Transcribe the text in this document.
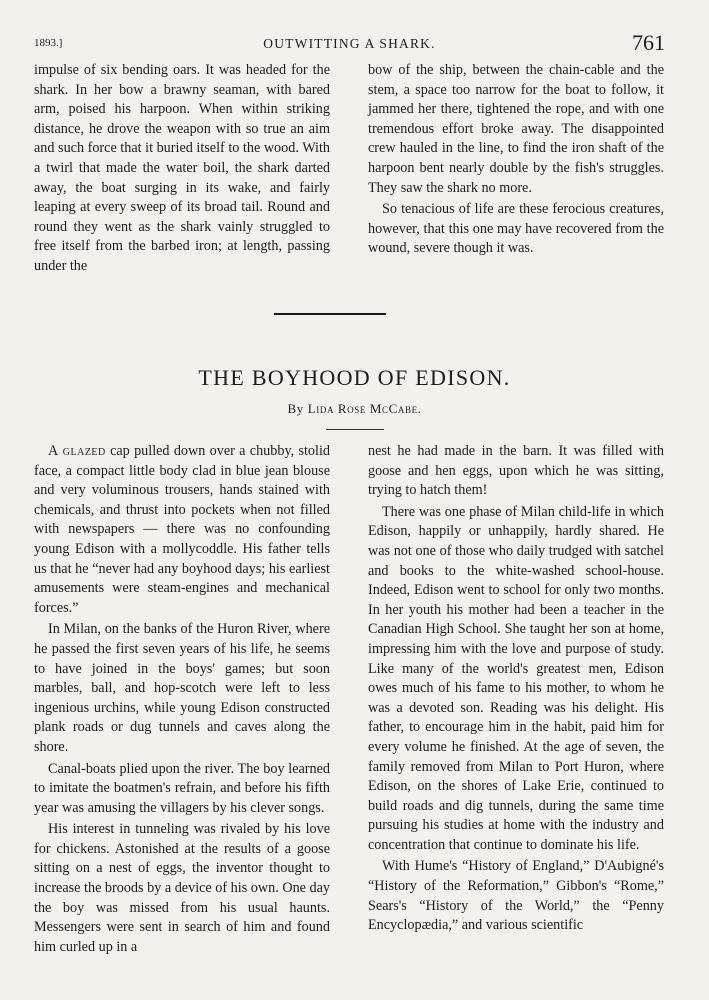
1893.]	OUTWITTING A SHARK.	761

impulse of six bending oars. It was headed for the shark. In her bow a brawny seaman, with bared arm, poised his harpoon. When within striking distance, he drove the weapon with so true an aim and such force that it buried itself to the wood. With a twirl that made the water boil, the shark darted away, the boat surging in its wake, and fairly leaping at every sweep of its broad tail. Round and round they went as the shark vainly struggled to free itself from the barbed iron; at length, passing under the

bow of the ship, between the chain-cable and the stem, a space too narrow for the boat to follow, it jammed her there, tightened the rope, and with one tremendous effort broke away. The disappointed crew hauled in the line, to find the iron shaft of the harpoon bent nearly double by the fish's struggles. They saw the shark no more.

So tenacious of life are these ferocious creatures, however, that this one may have recovered from the wound, severe though it was.

THE BOYHOOD OF EDISON.
By Lida Rose McCabe.

A glazed cap pulled down over a chubby, stolid face, a compact little body clad in blue jean blouse and very voluminous trousers, hands stained with chemicals, and thrust into pockets when not filled with newspapers — there was no confounding young Edison with a mollycoddle. His father tells us that he “never had any boyhood days; his earliest amusements were steam-engines and mechanical forces.”

In Milan, on the banks of the Huron River, where he passed the first seven years of his life, he seems to have joined in the boys' games; but soon marbles, ball, and hop-scotch were left to less ingenious urchins, while young Edison constructed plank roads or dug tunnels and caves along the shore.

Canal-boats plied upon the river. The boy learned to imitate the boatmen's refrain, and before his fifth year was amusing the villagers by his clever songs.

His interest in tunneling was rivaled by his love for chickens. Astonished at the results of a goose sitting on a nest of eggs, the inventor thought to increase the broods by a device of his own. One day the boy was missed from his usual haunts. Messengers were sent in search of him and found him curled up in a

nest he had made in the barn. It was filled with goose and hen eggs, upon which he was sitting, trying to hatch them!

There was one phase of Milan child-life in which Edison, happily or unhappily, hardly shared. He was not one of those who daily trudged with satchel and books to the white-washed school-house. Indeed, Edison went to school for only two months. In her youth his mother had been a teacher in the Canadian High School. She taught her son at home, impressing him with the love and purpose of study. Like many of the world's greatest men, Edison owes much of his fame to his mother, to whom he was a devoted son. Reading was his delight. His father, to encourage him in the habit, paid him for every volume he finished. At the age of seven, the family removed from Milan to Port Huron, where Edison, on the shores of Lake Erie, continued to build roads and dig tunnels, during the same time pursuing his studies at home with the industry and concentration that continue to dominate his life.

With Hume's “History of England,” D'Aubigné's “History of the Reformation,” Gibbon's “Rome,” Sears's “History of the World,” the “Penny Encyclopædia,” and various scientific
